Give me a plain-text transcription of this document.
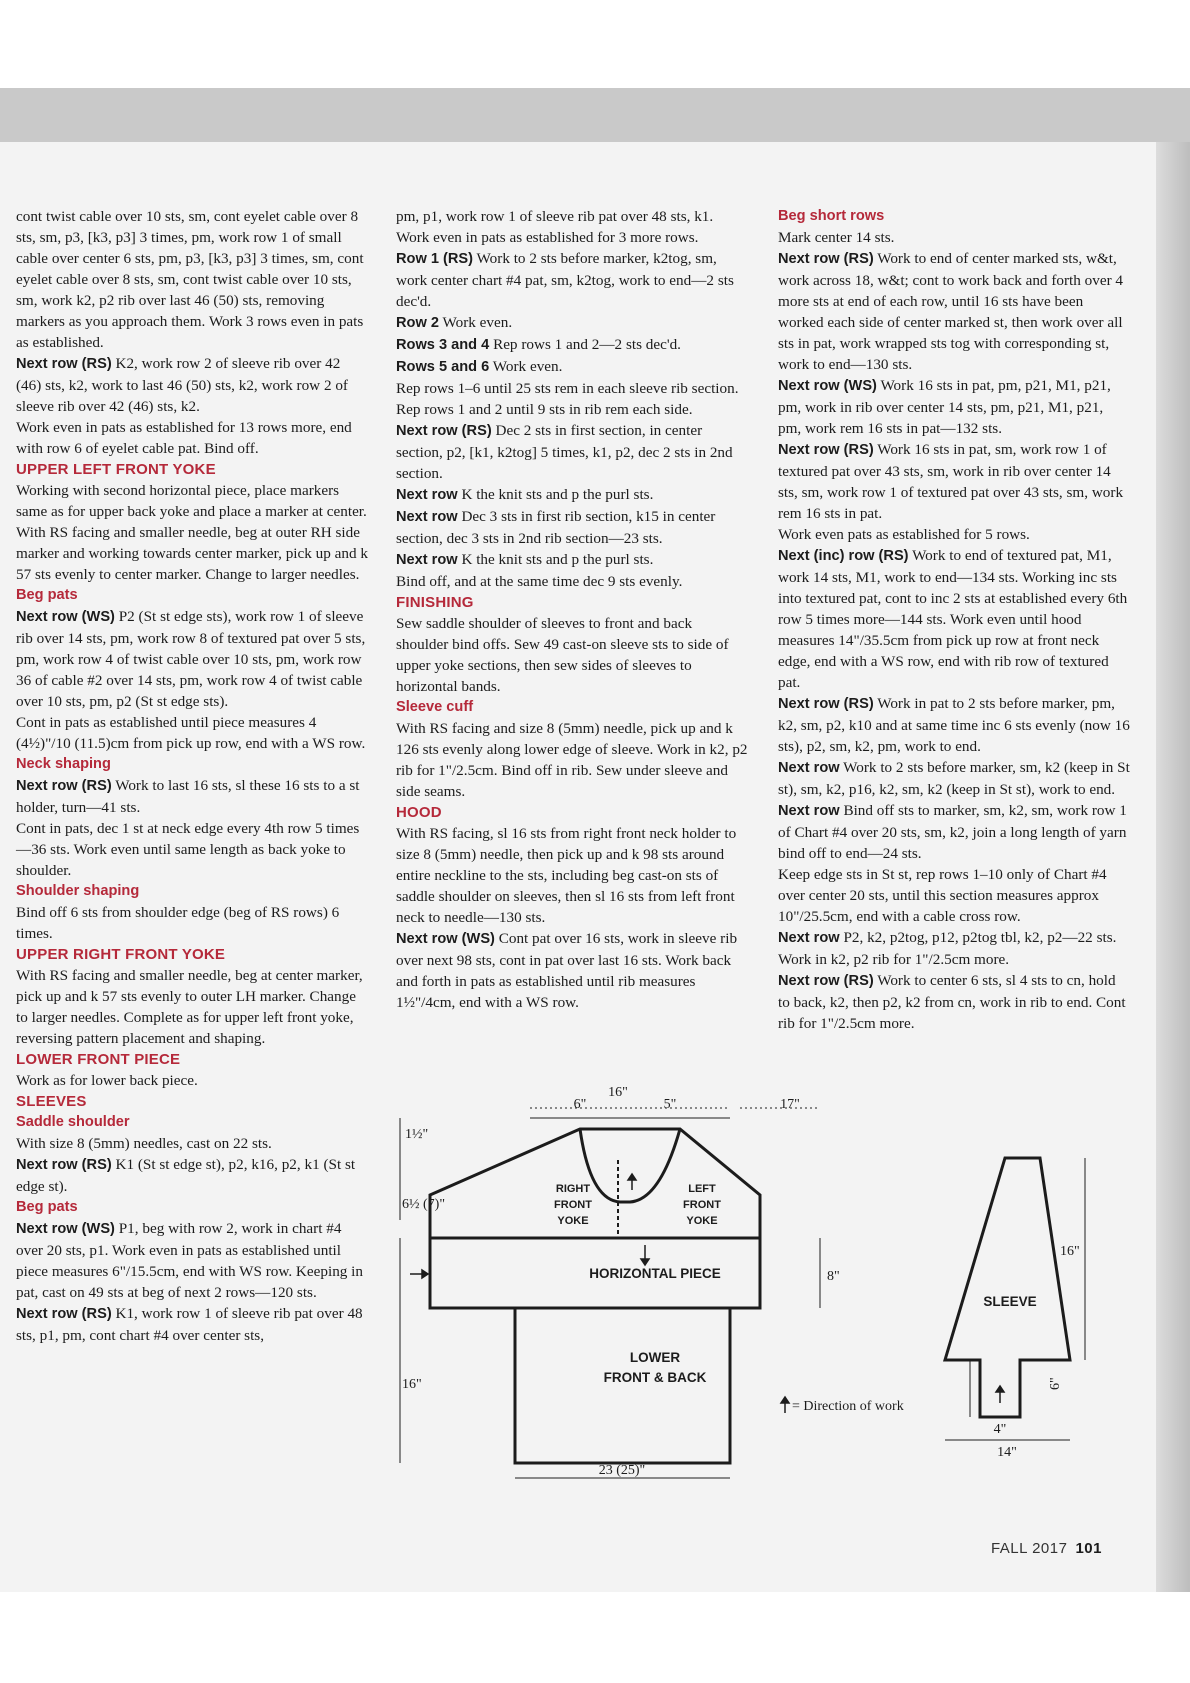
cont twist cable over 10 sts, sm, cont eyelet cable over 8 sts, sm, p3, [k3, p3] 3 times, pm, work row 1 of small cable over center 6 sts, pm, p3, [k3, p3] 3 times, sm, cont eyelet cable over 8 sts, sm, cont twist cable over 10 sts, sm, work k2, p2 rib over last 46 (50) sts, removing markers as you approach them. Work 3 rows even in pats as established.

Next row (RS) K2, work row 2 of sleeve rib over 42 (46) sts, k2, work to last 46 (50) sts, k2, work row 2 of sleeve rib over 42 (46) sts, k2.

Work even in pats as established for 13 rows more, end with row 6 of eyelet cable pat. Bind off.

UPPER LEFT FRONT YOKE

Working with second horizontal piece, place markers same as for upper back yoke and place a marker at center. With RS facing and smaller needle, beg at outer RH side marker and working towards center marker, pick up and k 57 sts evenly to center marker. Change to larger needles.

Beg pats

Next row (WS) P2 (St st edge sts), work row 1 of sleeve rib over 14 sts, pm, work row 8 of textured pat over 5 sts, pm, work row 4 of twist cable over 10 sts, pm, work row 36 of cable #2 over 14 sts, pm, work row 4 of twist cable over 10 sts, pm, p2 (St st edge sts).

Cont in pats as established until piece measures 4 (4½)"/10 (11.5)cm from pick up row, end with a WS row.

Neck shaping

Next row (RS) Work to last 16 sts, sl these 16 sts to a st holder, turn—41 sts.

Cont in pats, dec 1 st at neck edge every 4th row 5 times—36 sts. Work even until same length as back yoke to shoulder.

Shoulder shaping

Bind off 6 sts from shoulder edge (beg of RS rows) 6 times.

UPPER RIGHT FRONT YOKE

With RS facing and smaller needle, beg at center marker, pick up and k 57 sts evenly to outer LH marker. Change to larger needles. Complete as for upper left front yoke, reversing pattern placement and shaping.

LOWER FRONT PIECE

Work as for lower back piece.

SLEEVES
Saddle shoulder

With size 8 (5mm) needles, cast on 22 sts.

Next row (RS) K1 (St st edge st), p2, k16, p2, k1 (St st edge st).

Beg pats

Next row (WS) P1, beg with row 2, work in chart #4 over 20 sts, p1. Work even in pats as established until piece measures 6"/15.5cm, end with WS row. Keeping in pat, cast on 49 sts at beg of next 2 rows—120 sts.

Next row (RS) K1, work row 1 of sleeve rib pat over 48 sts, p1, pm, cont chart #4 over center sts,

pm, p1, work row 1 of sleeve rib pat over 48 sts, k1. Work even in pats as established for 3 more rows.

Row 1 (RS) Work to 2 sts before marker, k2tog, sm, work center chart #4 pat, sm, k2tog, work to end—2 sts dec'd.

Row 2 Work even.

Rows 3 and 4 Rep rows 1 and 2—2 sts dec'd.

Rows 5 and 6 Work even.

Rep rows 1–6 until 25 sts rem in each sleeve rib section.

Rep rows 1 and 2 until 9 sts in rib rem each side.

Next row (RS) Dec 2 sts in first section, in center section, p2, [k1, k2tog] 5 times, k1, p2, dec 2 sts in 2nd section.

Next row K the knit sts and p the purl sts.

Next row Dec 3 sts in first rib section, k15 in center section, dec 3 sts in 2nd rib section—23 sts.

Next row K the knit sts and p the purl sts.

Bind off, and at the same time dec 9 sts evenly.

FINISHING

Sew saddle shoulder of sleeves to front and back shoulder bind offs. Sew 49 cast-on sleeve sts to side of upper yoke sections, then sew sides of sleeves to horizontal bands.

Sleeve cuff

With RS facing and size 8 (5mm) needle, pick up and k 126 sts evenly along lower edge of sleeve. Work in k2, p2 rib for 1"/2.5cm. Bind off in rib. Sew under sleeve and side seams.

HOOD

With RS facing, sl 16 sts from right front neck holder to size 8 (5mm) needle, then pick up and k 98 sts around entire neckline to the sts, including beg cast-on sts of saddle shoulder on sleeves, then sl 16 sts from left front neck to needle—130 sts.

Next row (WS) Cont pat over 16 sts, work in sleeve rib over next 98 sts, cont in pat over last 16 sts. Work back and forth in pats as established until rib measures 1½"/4cm, end with a WS row.

Beg short rows

Mark center 14 sts.

Next row (RS) Work to end of center marked sts, w&t, work across 18, w&t; cont to work back and forth over 4 more sts at end of each row, until 16 sts have been worked each side of center marked st, then work over all sts in pat, work wrapped sts tog with corresponding st, work to end—130 sts.

Next row (WS) Work 16 sts in pat, pm, p21, M1, p21, pm, work in rib over center 14 sts, pm, p21, M1, p21, pm, work rem 16 sts in pat—132 sts.

Next row (RS) Work 16 sts in pat, sm, work row 1 of textured pat over 43 sts, sm, work in rib over center 14 sts, sm, work row 1 of textured pat over 43 sts, sm, work rem 16 sts in pat.

Work even pats as established for 5 rows.

Next (inc) row (RS) Work to end of textured pat, M1, work 14 sts, M1, work to end—134 sts. Working inc sts into textured pat, cont to inc 2 sts at established every 6th row 5 times more—144 sts. Work even until hood measures 14"/35.5cm from pick up row at front neck edge, end with a WS row, end with rib row of textured pat.

Next row (RS) Work in pat to 2 sts before marker, pm, k2, sm, p2, k10 and at same time inc 6 sts evenly (now 16 sts), p2, sm, k2, pm, work to end.

Next row Work to 2 sts before marker, sm, k2 (keep in St st), sm, k2, p16, k2, sm, k2 (keep in St st), work to end.

Next row Bind off sts to marker, sm, k2, sm, work row 1 of Chart #4 over 20 sts, sm, k2, join a long length of yarn bind off to end—24 sts.

Keep edge sts in St st, rep rows 1–10 only of Chart #4 over center 20 sts, until this section measures approx 10"/25.5cm, end with a cable cross row.

Next row P2, k2, p2tog, p12, p2tog tbl, k2, p2—22 sts. Work in k2, p2 rib for 1"/2.5cm more.

Next row (RS) Work to center 6 sts, sl 4 sts to cn, hold to back, k2, then p2, k2 from cn, work in rib to end. Cont rib for 1"/2.5cm more.

16"
6"	5"	17"
1½"
6½ (7)"
8"
16"
23 (25)"
16"
6"
4"
14"
RIGHT
FRONT
YOKE
LEFT
FRONT
YOKE
HORIZONTAL PIECE
LOWER
FRONT & BACK
SLEEVE
= Direction of work
FALL 2017 101
